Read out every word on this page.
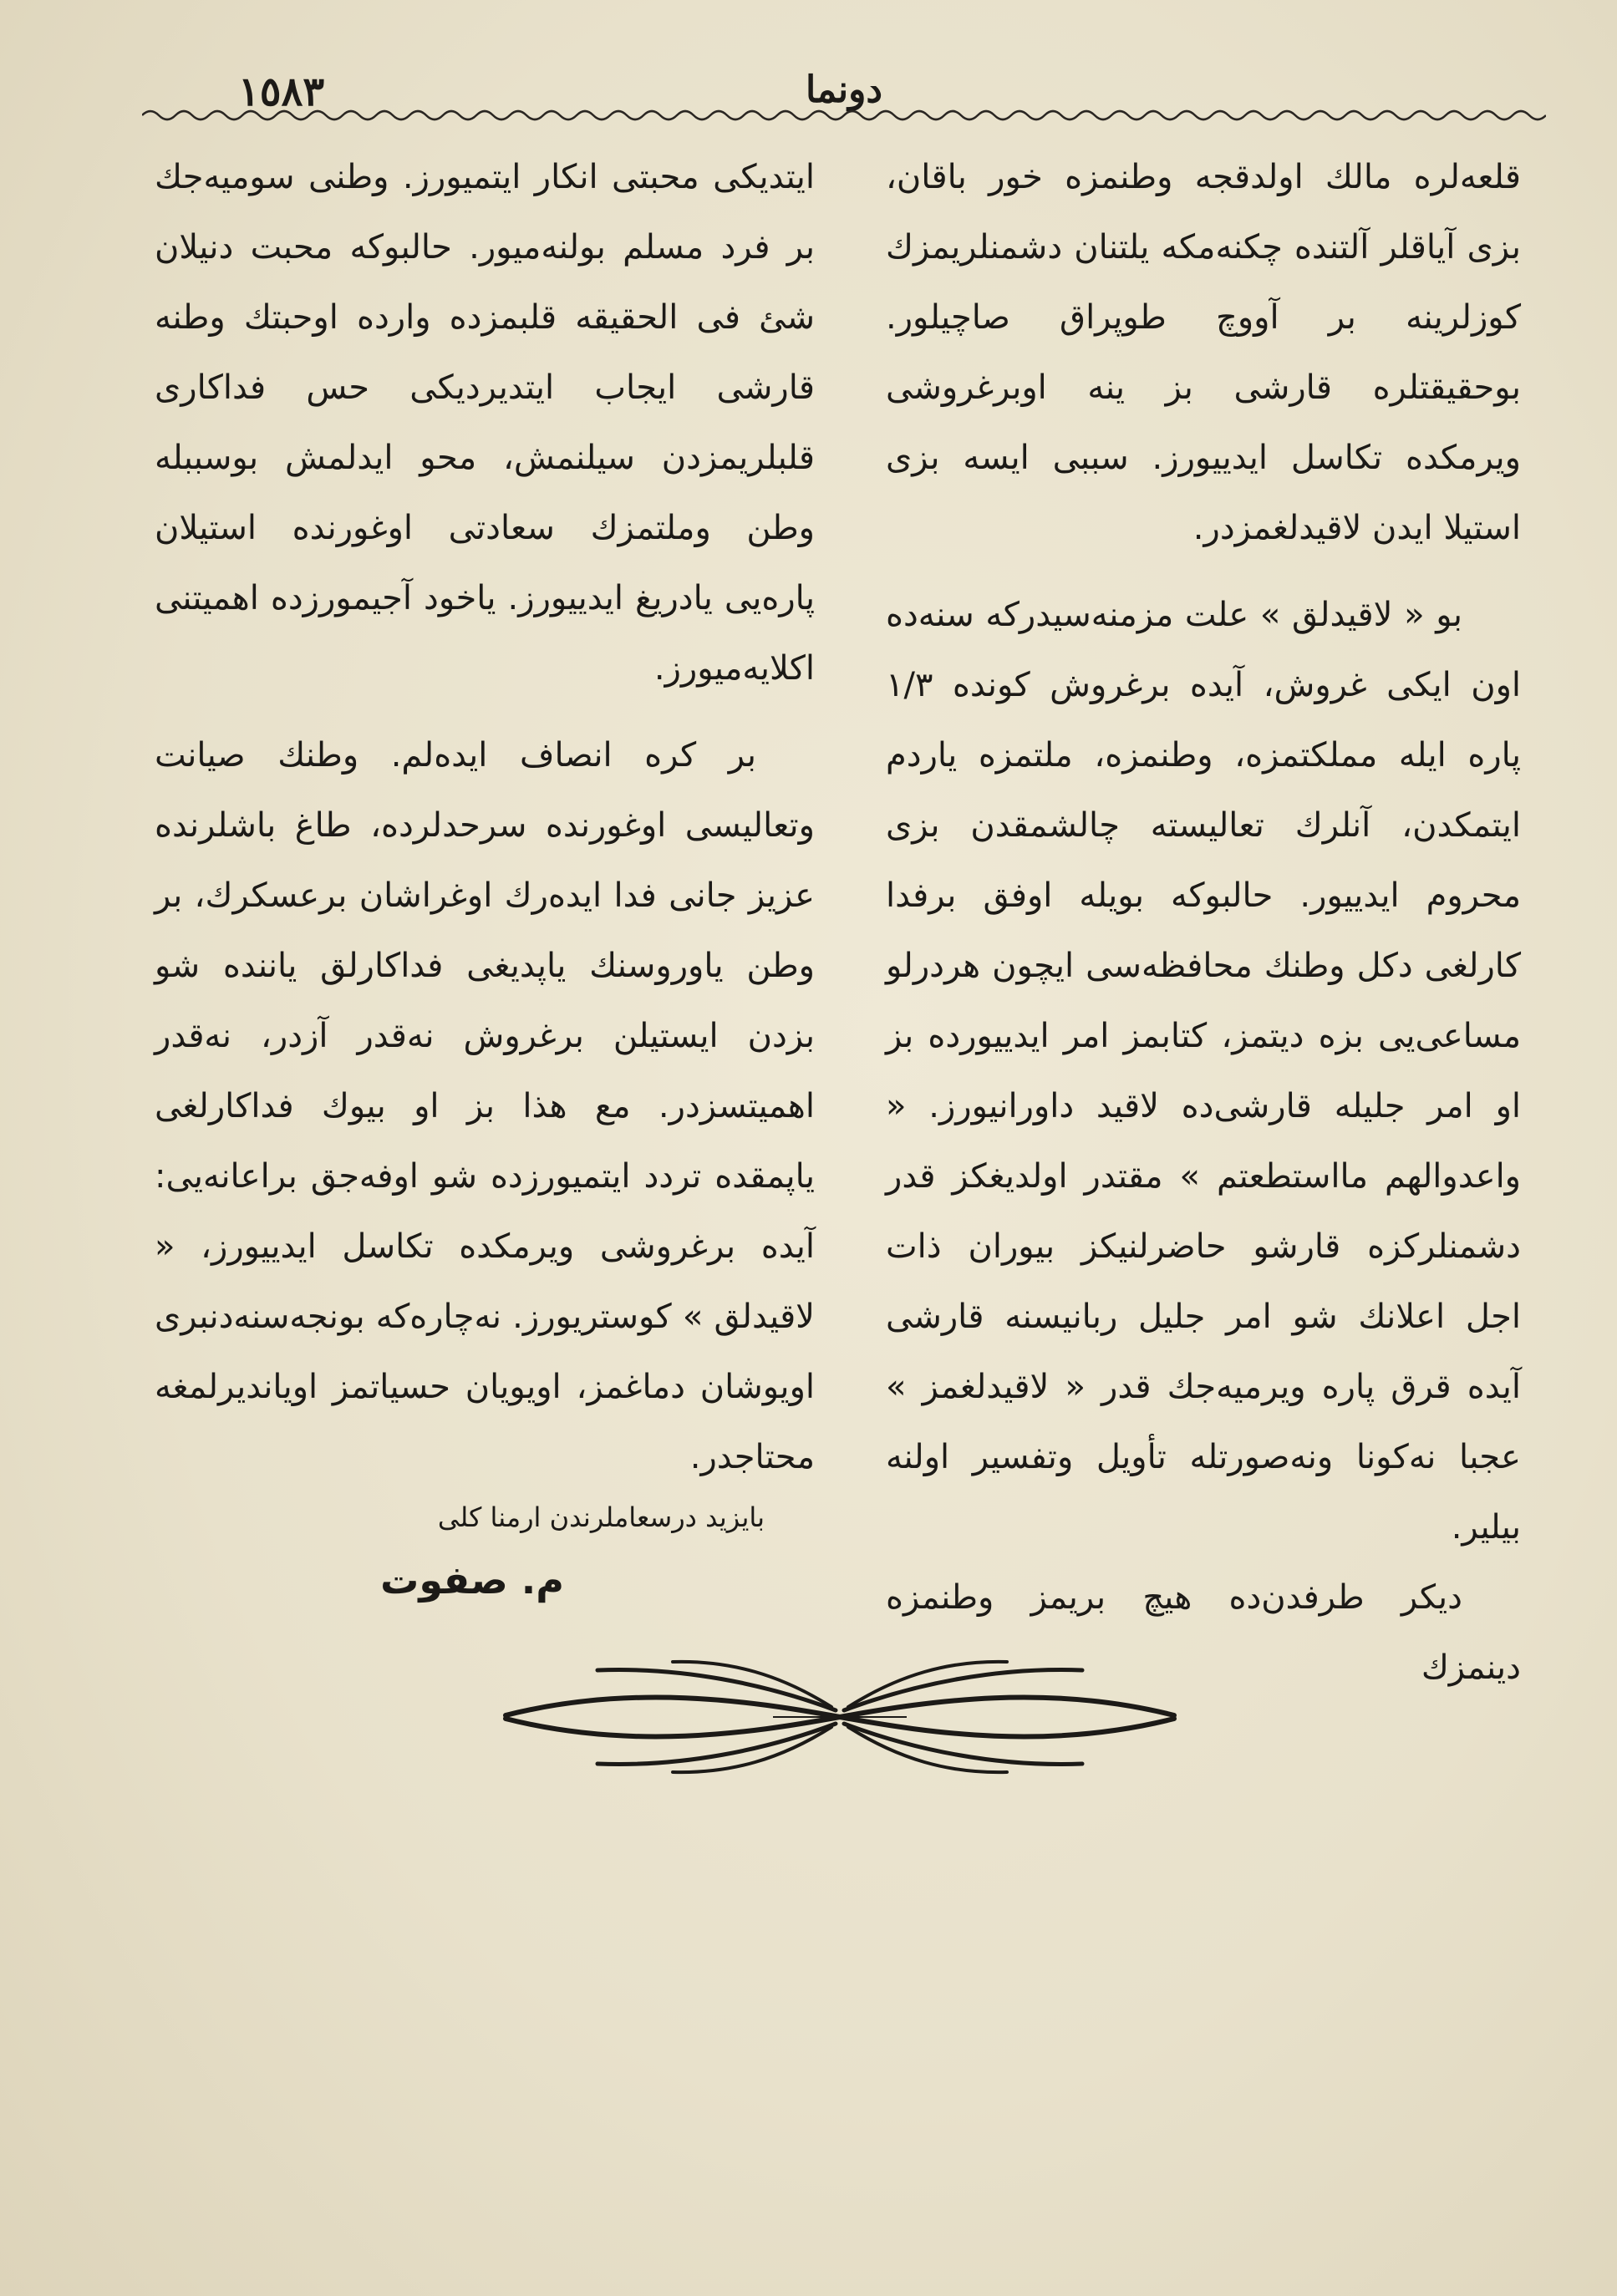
١٥٨٣	دونما

قلعه‌لره مالك اولدقجه وطنمزه خور باقان، بزی آیاقلر آلتنده چكنه‌مكه یلتنان دشمنلریمزك كوزلرینه بر آووچ طوپراق صاچیلور. بوحقیقتلره قارشی بز ینه اوبرغروشی ویرمكده تكاسل ایدییورز. سببی ایسه بزی استیلا ایدن لاقیدلغمزدر.

بو « لاقیدلق » علت مزمنه‌سیدركه سنه‌ده اون ایكی غروش، آیده برغروش كونده ١/٣ پاره ایله مملكتمزه، وطنمزه، ملتمزه یاردم ایتمكدن، آنلرك تعالیسته چالشمقدن بزی محروم ایدییور. حالبوكه بویله اوفق برفدا كارلغی دكل وطنك محافظه‌سی ایچون هردرلو مساعی‌یی بزه دیتمز، كتابمز امر ایدییورده بز او امر جلیله قارشی‌ده لاقید داورانیورز. « واعدوالهم مااستطعتم » مقتدر اولدیغكز قدر دشمنلركزه قارشو حاضرلنیكز بیوران ذات اجل اعلانك شو امر جلیل ربانیسنه قارشی آیده قرق پاره ویرمیه‌جك قدر « لاقیدلغمز » عجبا نه‌كونا ونه‌صورتله تأویل وتفسیر اولنه بیلیر.

دیكر طرفدن‌ده هیچ بریمز وطنمزه دینمزك

ایتدیكی محبتی انكار ایتمیورز. وطنی سومیه‌جك بر فرد مسلم بولنه‌میور. حالبوكه محبت دنیلان شئ فی الحقیقه قلبمزده وارده اوحبتك وطنه قارشی ایجاب ایتدیردیكی حس فداكاری قلبلریمزدن سیلنمش، محو ایدلمش بوسببله وطن وملتمزك سعادتی اوغورنده استیلان پاره‌یی یادریغ ایدییورز. یاخود آجیمورزده اهمیتنی اكلایه‌میورز.

بر كره انصاف ایده‌لم. وطنك صیانت وتعالیسی اوغورنده سرحدلرده، طاغ باشلرنده عزیز جانی فدا ایده‌رك اوغراشان برعسكرك، بر وطن یاوروسنك یاپدیغی فداكارلق یاننده شو بزدن ایستیلن برغروش نه‌قدر آزدر، نه‌قدر اهمیتسزدر. مع هذا بز او بیوك فداكارلغی یاپمقده تردد ایتمیورزده شو اوفه‌جق براعانه‌یی: آیده برغروشی ویرمكده تكاسل ایدییورز، « لاقیدلق » كوستریورز. نه‌چاره‌كه بونجه‌سنه‌دنبری اویوشان دماغمز، اویویان حسیاتمز اویاندیرلمغه محتاجدر.

بایزید درسعاملرندن ارمنا كلی
م. صفوت
